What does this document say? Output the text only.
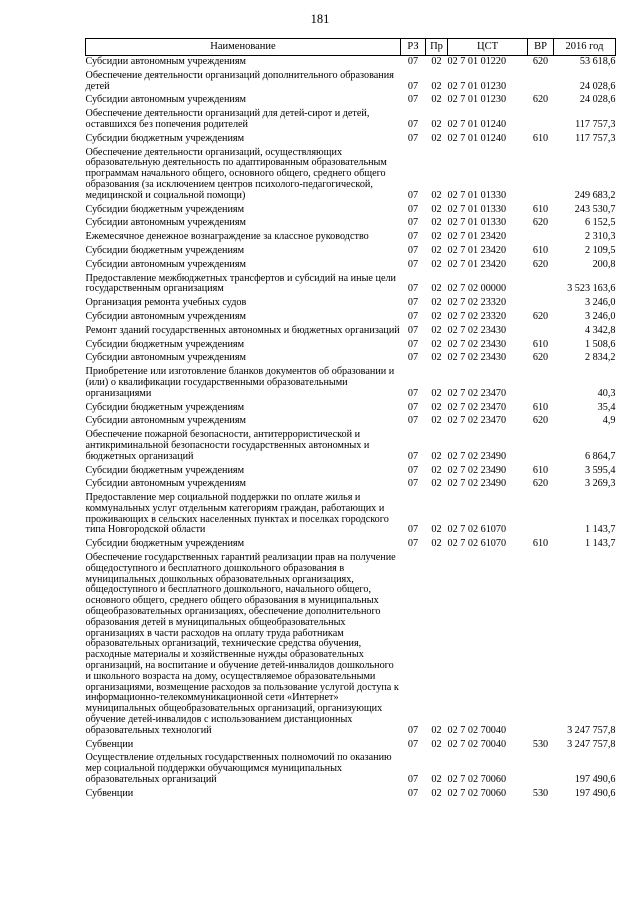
181
Наименование	РЗ	Пр	ЦСТ	ВР	2016 год
Субсидии автономным учреждениям	07	02	02 7 01 01220	620	53 618,6
Обеспечение деятельности организаций дополнительного образования детей	07	02	02 7 01 01230		24 028,6
Субсидии автономным учреждениям	07	02	02 7 01 01230	620	24 028,6
Обеспечение деятельности организаций для детей-сирот и детей, оставшихся без попечения родителей	07	02	02 7 01 01240		117 757,3
Субсидии бюджетным учреждениям	07	02	02 7 01 01240	610	117 757,3
Обеспечение деятельности организаций, осуществляющих образовательную деятельность по адаптированным образовательным программам начального общего, основного общего, среднего общего образования (за исключением центров психолого-педагогической, медицинской и социальной помощи)	07	02	02 7 01 01330		249 683,2
Субсидии бюджетным учреждениям	07	02	02 7 01 01330	610	243 530,7
Субсидии автономным учреждениям	07	02	02 7 01 01330	620	6 152,5
Ежемесячное денежное вознаграждение за классное руководство	07	02	02 7 01 23420		2 310,3
Субсидии бюджетным учреждениям	07	02	02 7 01 23420	610	2 109,5
Субсидии автономным учреждениям	07	02	02 7 01 23420	620	200,8
Предоставление межбюджетных трансфертов и субсидий на иные цели государственным организациям	07	02	02 7 02 00000		3 523 163,6
Организация ремонта учебных судов	07	02	02 7 02 23320		3 246,0
Субсидии автономным учреждениям	07	02	02 7 02 23320	620	3 246,0
Ремонт зданий государственных автономных и бюджетных организаций	07	02	02 7 02 23430		4 342,8
Субсидии бюджетным учреждениям	07	02	02 7 02 23430	610	1 508,6
Субсидии автономным учреждениям	07	02	02 7 02 23430	620	2 834,2
Приобретение или изготовление бланков документов об образовании и (или) о квалификации государственными образовательными организациями	07	02	02 7 02 23470		40,3
Субсидии бюджетным учреждениям	07	02	02 7 02 23470	610	35,4
Субсидии автономным учреждениям	07	02	02 7 02 23470	620	4,9
Обеспечение пожарной безопасности, антитеррористической и антикриминальной безопасности государственных автономных и бюджетных организаций	07	02	02 7 02 23490		6 864,7
Субсидии бюджетным учреждениям	07	02	02 7 02 23490	610	3 595,4
Субсидии автономным учреждениям	07	02	02 7 02 23490	620	3 269,3
Предоставление мер социальной поддержки по оплате жилья и коммунальных услуг отдельным категориям граждан, работающих и проживающих в сельских населенных пунктах и поселках городского типа Новгородской области	07	02	02 7 02 61070		1 143,7
Субсидии бюджетным учреждениям	07	02	02 7 02 61070	610	1 143,7
Обеспечение государственных гарантий реализации прав на получение общедоступного и бесплатного дошкольного образования в муниципальных дошкольных образовательных организациях, общедоступного и бесплатного дошкольного, начального общего, основного общего, среднего общего образования в муниципальных общеобразовательных организациях, обеспечение дополнительного образования детей в муниципальных общеобразовательных организациях в части расходов на оплату труда работникам образовательных организаций, технические средства обучения, расходные материалы и хозяйственные нужды образовательных организаций, на воспитание и обучение детей-инвалидов дошкольного и школьного возраста на дому, осуществляемое образовательными организациями, возмещение расходов за пользование услугой доступа к информационно-телекоммуникационной сети «Интернет» муниципальных общеобразовательных организаций, организующих обучение детей-инвалидов с использованием дистанционных образовательных технологий	07	02	02 7 02 70040		3 247 757,8
Субвенции	07	02	02 7 02 70040	530	3 247 757,8
Осуществление отдельных государственных полномочий по оказанию мер социальной поддержки обучающимся муниципальных образовательных организаций	07	02	02 7 02 70060		197 490,6
Субвенции	07	02	02 7 02 70060	530	197 490,6
